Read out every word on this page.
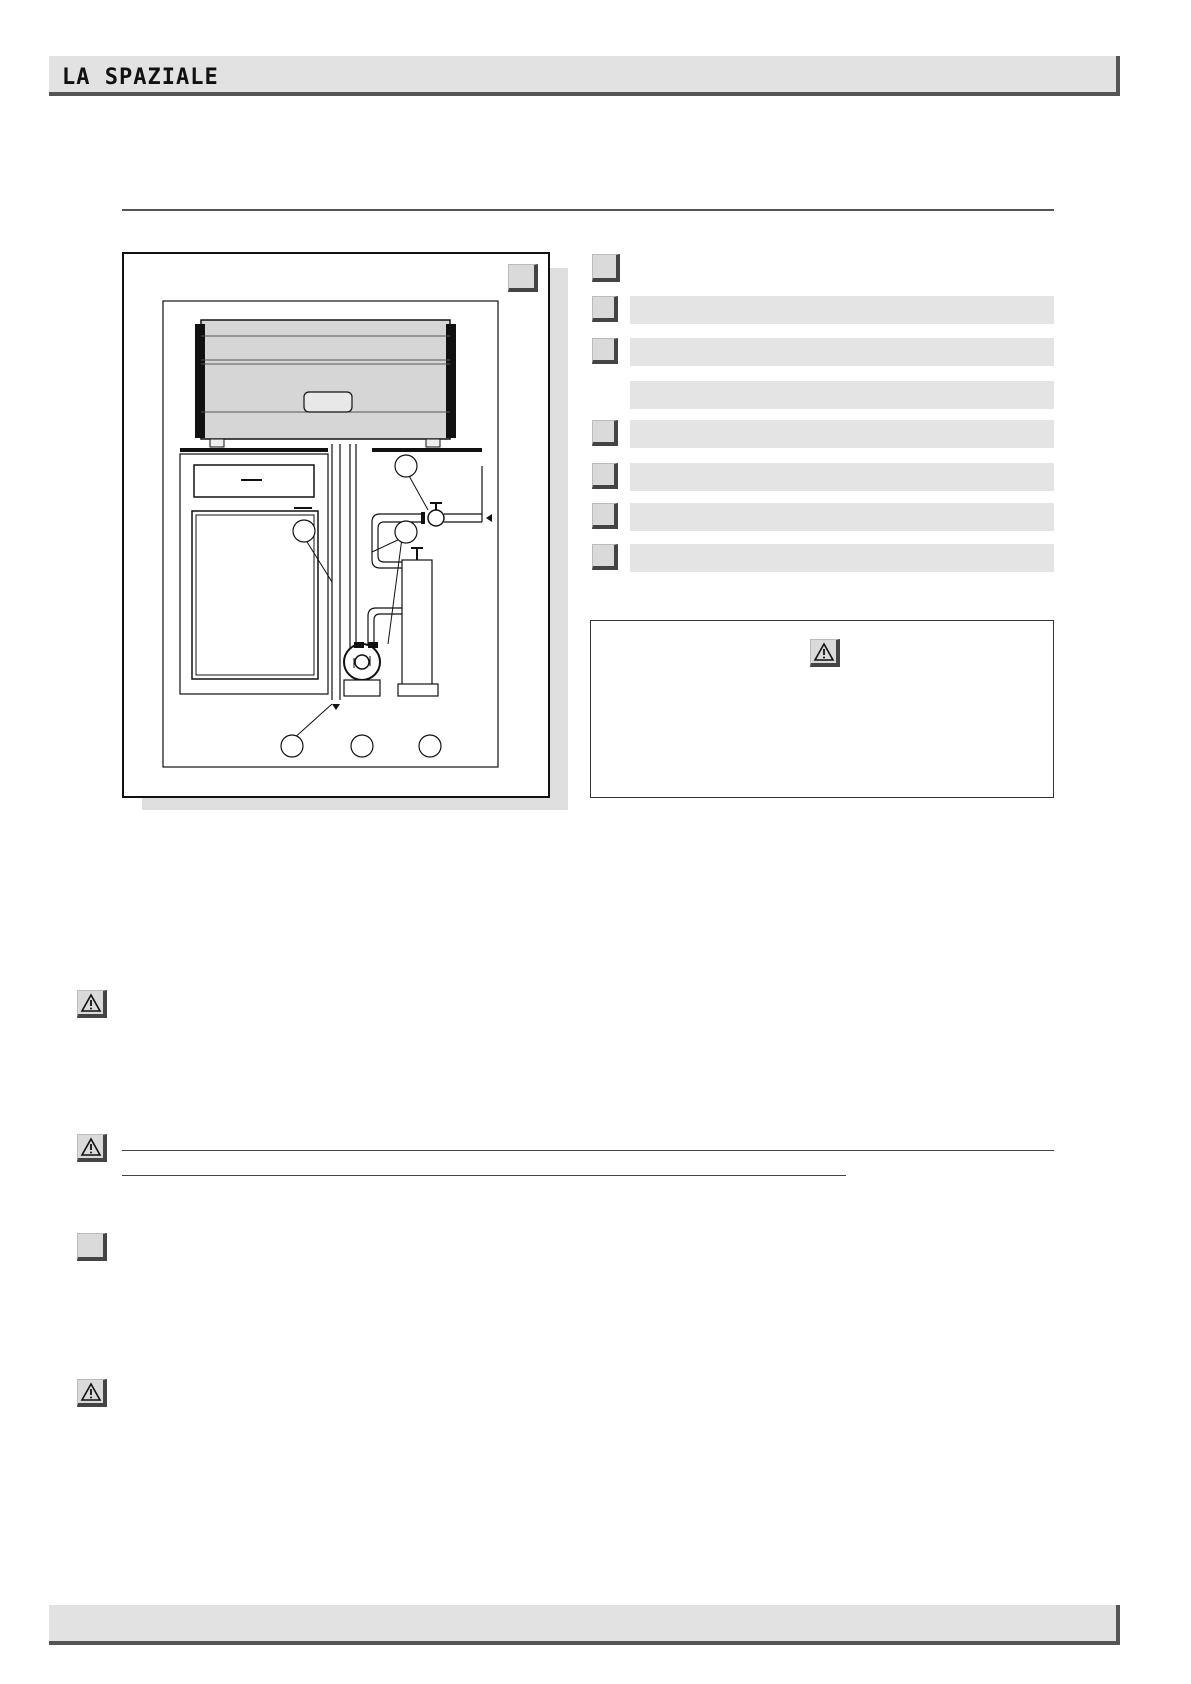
LA SPAZIALE
